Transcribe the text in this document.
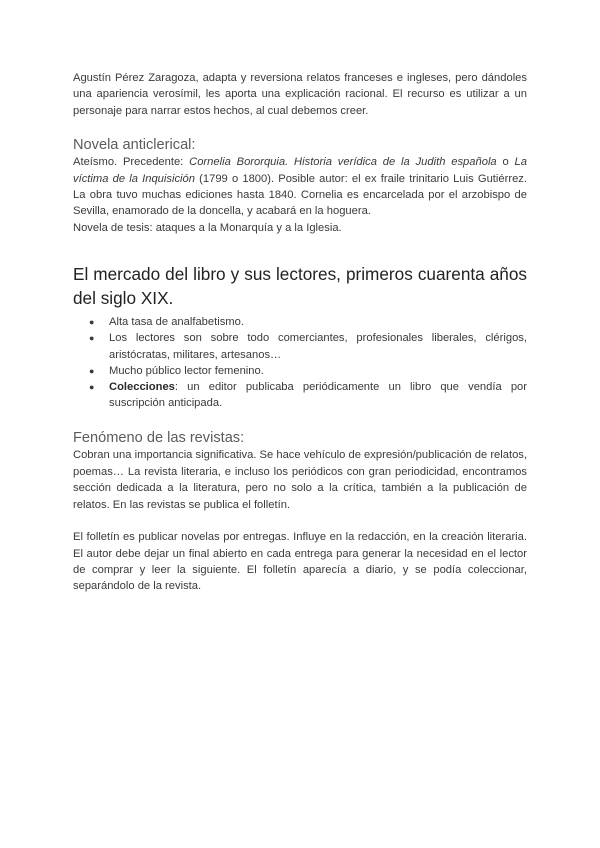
Agustín Pérez Zaragoza, adapta y reversiona relatos franceses e ingleses, pero dándoles una apariencia verosímil, les aporta una explicación racional. El recurso es utilizar a un personaje para narrar estos hechos, al cual debemos creer.

Novela anticlerical:

Ateísmo. Precedente: Cornelia Bororquia. Historia verídica de la Judith española o La víctima de la Inquisición (1799 o 1800). Posible autor: el ex fraile trinitario Luis Gutiérrez. La obra tuvo muchas ediciones hasta 1840. Cornelia es encarcelada por el arzobispo de Sevilla, enamorado de la doncella, y acabará en la hoguera.

Novela de tesis: ataques a la Monarquía y a la Iglesia.

El mercado del libro y sus lectores, primeros cuarenta años del siglo XIX.
●	Alta tasa de analfabetismo.
●	Los lectores son sobre todo comerciantes, profesionales liberales, clérigos, aristócratas, militares, artesanos…
●	Mucho público lector femenino.
●	Colecciones: un editor publicaba periódicamente un libro que vendía por suscripción anticipada.
Fenómeno de las revistas:

Cobran una importancia significativa. Se hace vehículo de expresión/publicación de relatos, poemas… La revista literaria, e incluso los periódicos con gran periodicidad, encontramos sección dedicada a la literatura, pero no solo a la crítica, también a la publicación de relatos. En las revistas se publica el folletín.

El folletín es publicar novelas por entregas. Influye en la redacción, en la creación literaria. El autor debe dejar un final abierto en cada entrega para generar la necesidad en el lector de comprar y leer la siguiente. El folletín aparecía a diario, y se podía coleccionar, separándolo de la revista.
